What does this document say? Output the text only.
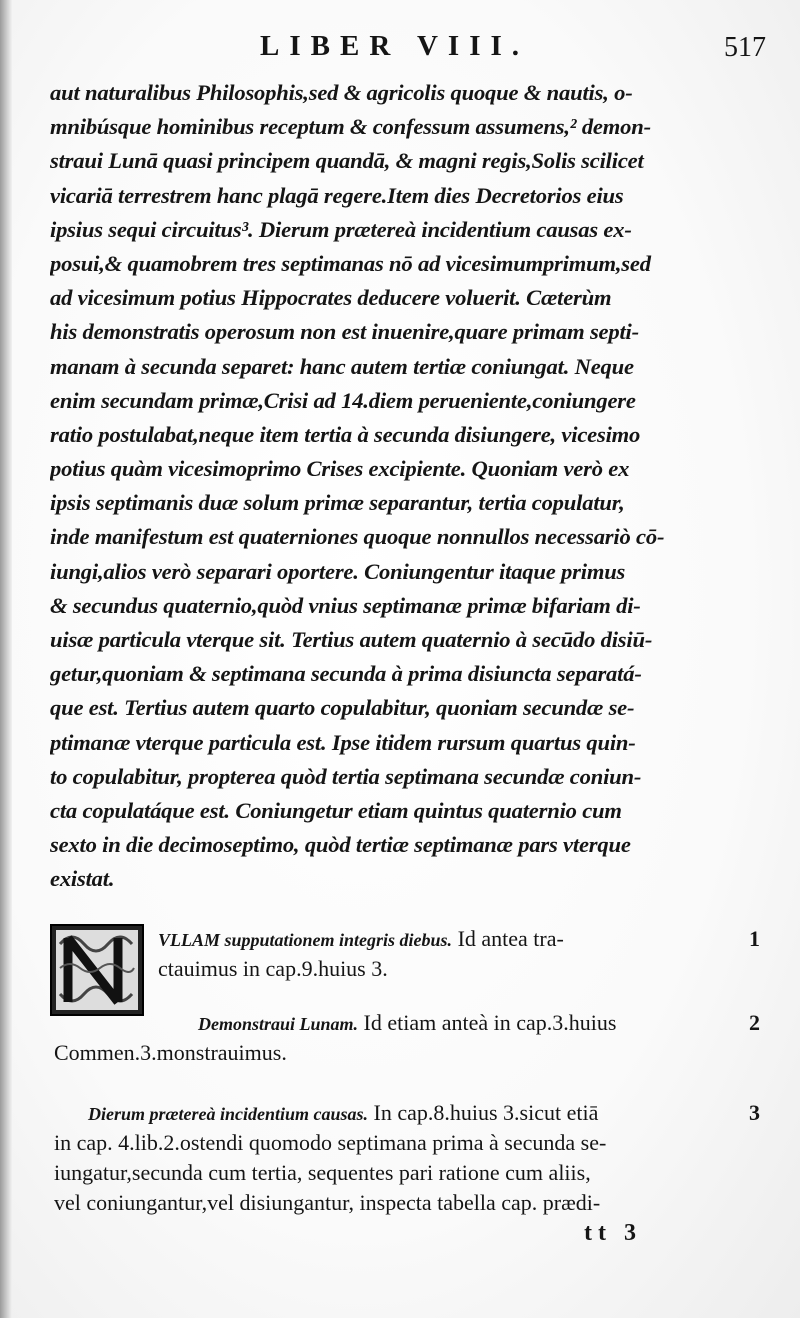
LIBER VIII.	517
aut naturalibus Philosophis,sed & agricolis quoque & nautis, o-
mnibúsque hominibus receptum & confessum assumens,² demon-
straui Lunā quasi principem quandā, & magni regis,Solis scilicet
vicariā terrestrem hanc plagā regere.Item dies Decretorios eius
ipsius sequi circuitus³. Dierum prætereà incidentium causas ex-
posui,& quamobrem tres septimanas nō ad vicesimumprimum,sed
ad vicesimum potius Hippocrates deducere voluerit. Cæterùm
his demonstratis operosum non est inuenire,quare primam septi-
manam à secunda separet: hanc autem tertiæ coniungat. Neque
enim secundam primæ,Crisi ad 14.diem perueniente,coniungere
ratio postulabat,neque item tertia à secunda disiungere, vicesimo
potius quàm vicesimoprimo Crises excipiente. Quoniam verò ex
ipsis septimanis duæ solum primæ separantur, tertia copulatur,
inde manifestum est quaterniones quoque nonnullos necessariò cō-
iungi,alios verò separari oportere. Coniungentur itaque primus
& secundus quaternio,quòd vnius septimanæ primæ bifariam di-
uisæ particula vterque sit. Tertius autem quaternio à secūdo disiū-
getur,quoniam & septimana secunda à prima disiuncta separatá-
que est. Tertius autem quarto copulabitur, quoniam secundæ se-
ptimanæ vterque particula est. Ipse itidem rursum quartus quin-
to copulabitur, propterea quòd tertia septimana secundæ coniun-
cta copulatáque est. Coniungetur etiam quintus quaternio cum
sexto in die decimoseptimo, quòd tertiæ septimanæ pars vterque
existat.
VLLAM supputationem integris diebus. Id antea tra-
ctauimus in cap.9.huius 3.
1
Demonstraui Lunam. Id etiam anteà in cap.3.huius
Commen.3.monstrauimus.
2
Dierum prætereà incidentium causas. In cap.8.huius 3.sicut etiā
in cap. 4.lib.2.ostendi quomodo septimana prima à secunda se-
iungatur,secunda cum tertia, sequentes pari ratione cum aliis,
vel coniungantur,vel disiungantur, inspecta tabella cap. prædi-
3
tt 3
